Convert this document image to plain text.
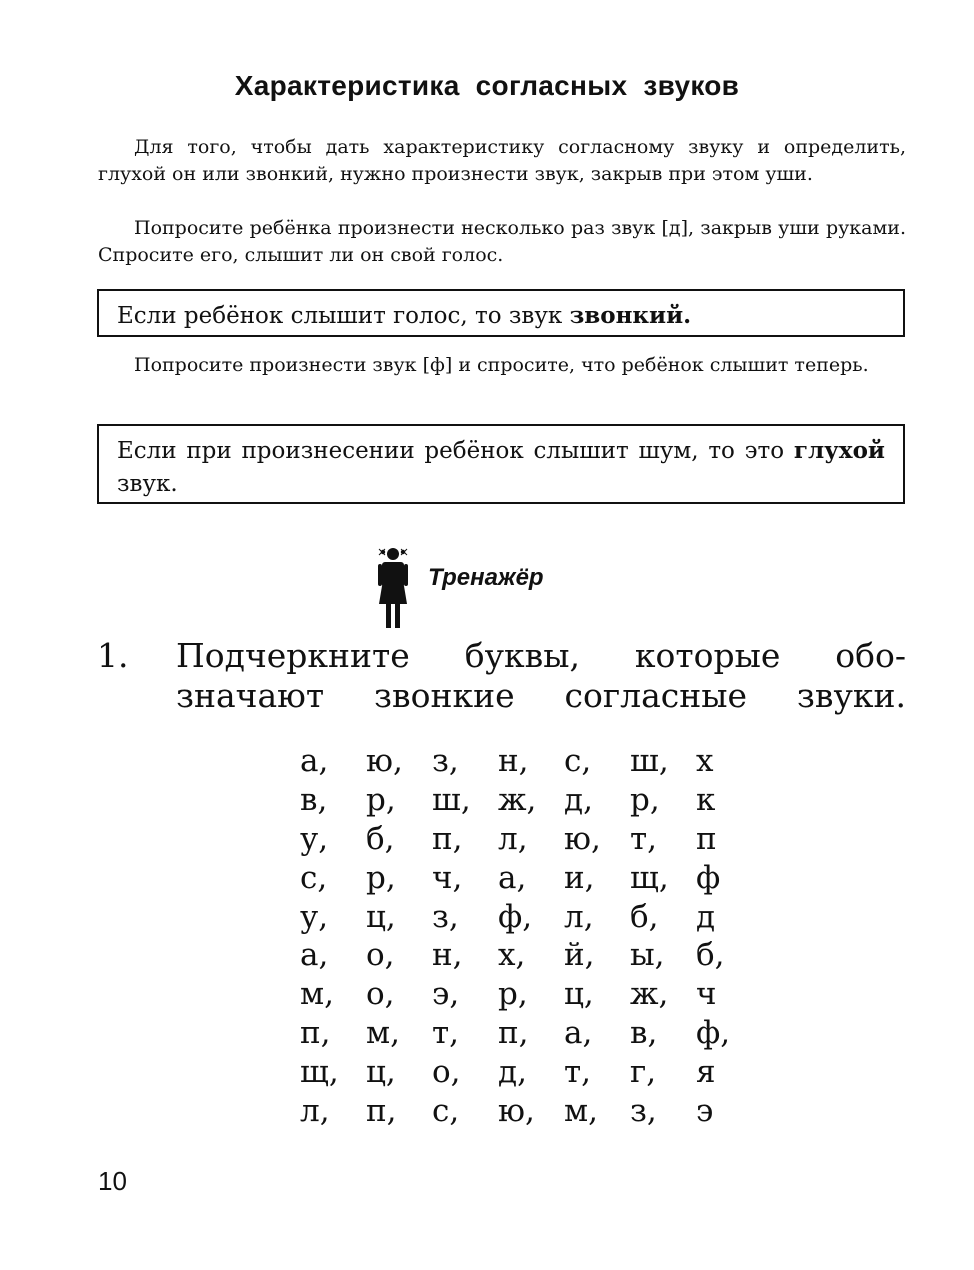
Характеристика согласных звуков

Для того, чтобы дать характеристику согласному звуку и определить, глухой он или звонкий, нужно произнести звук, закрыв при этом уши.

Попросите ребёнка произнести несколько раз звук [д], закрыв уши руками. Спросите его, слышит ли он свой голос.

Если ребёнок слышит голос, то звук звонкий.

Попросите произнести звук [ф] и спросите, что ребёнок слышит теперь.

Если при произнесении ребёнок слышит шум, то это глухой звук.
Тренажёр
1. Подчеркните буквы, которые обо-
значают звонкие согласные звуки.
а,	ю,	з,	н,	с,	ш,	х
в,	р,	ш,	ж,	д,	р,	к
у,	б,	п,	л,	ю,	т,	п
с,	р,	ч,	а,	и,	щ,	ф
у,	ц,	з,	ф,	л,	б,	д
а,	о,	н,	х,	й,	ы,	б,
м,	о,	э,	р,	ц,	ж,	ч
п,	м,	т,	п,	а,	в,	ф,
щ,	ц,	о,	д,	т,	г,	я
л,	п,	с,	ю,	м,	з,	э
10
